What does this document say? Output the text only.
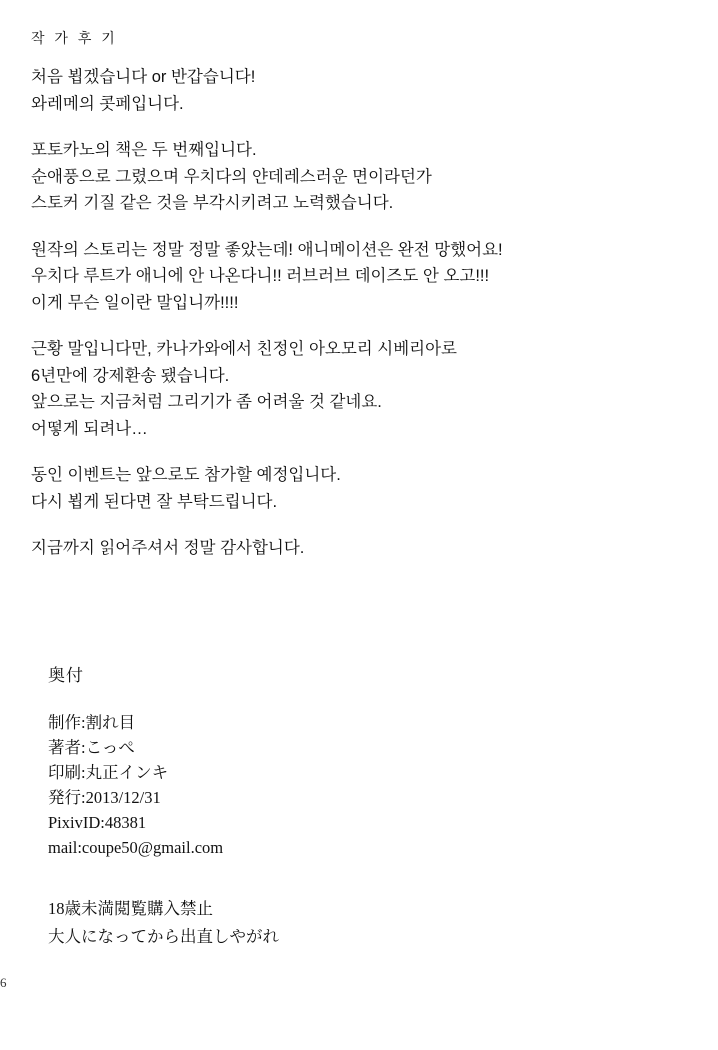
작 가 후 기
처음 뵙겠습니다 or 반갑습니다!
와레메의 콧페입니다.
포토카노의 책은 두 번째입니다.
순애풍으로 그렸으며 우치다의 얀데레스러운 면이라던가
스토커 기질 같은 것을 부각시키려고 노력했습니다.
원작의 스토리는 정말 정말 좋았는데! 애니메이션은 완전 망했어요!
우치다 루트가 애니에 안 나온다니!! 러브러브 데이즈도 안 오고!!!
이게 무슨 일이란 말입니까!!!!
근황 말입니다만, 카나가와에서 친정인 아오모리 시베리아로
6년만에 강제환송 됐습니다.
앞으로는 지금처럼 그리기가 좀 어려울 것 같네요.
어떻게 되려나…
동인 이벤트는 앞으로도 참가할 예정입니다.
다시 뵙게 된다면 잘 부탁드립니다.
지금까지 읽어주셔서 정말 감사합니다.
奥付
制作:割れ目
著者:こっぺ
印刷:丸正インキ
発行:2013/12/31
PixivID:48381
mail:coupe50@gmail.com
18歳未満閲覧購入禁止
大人になってから出直しやがれ
6
